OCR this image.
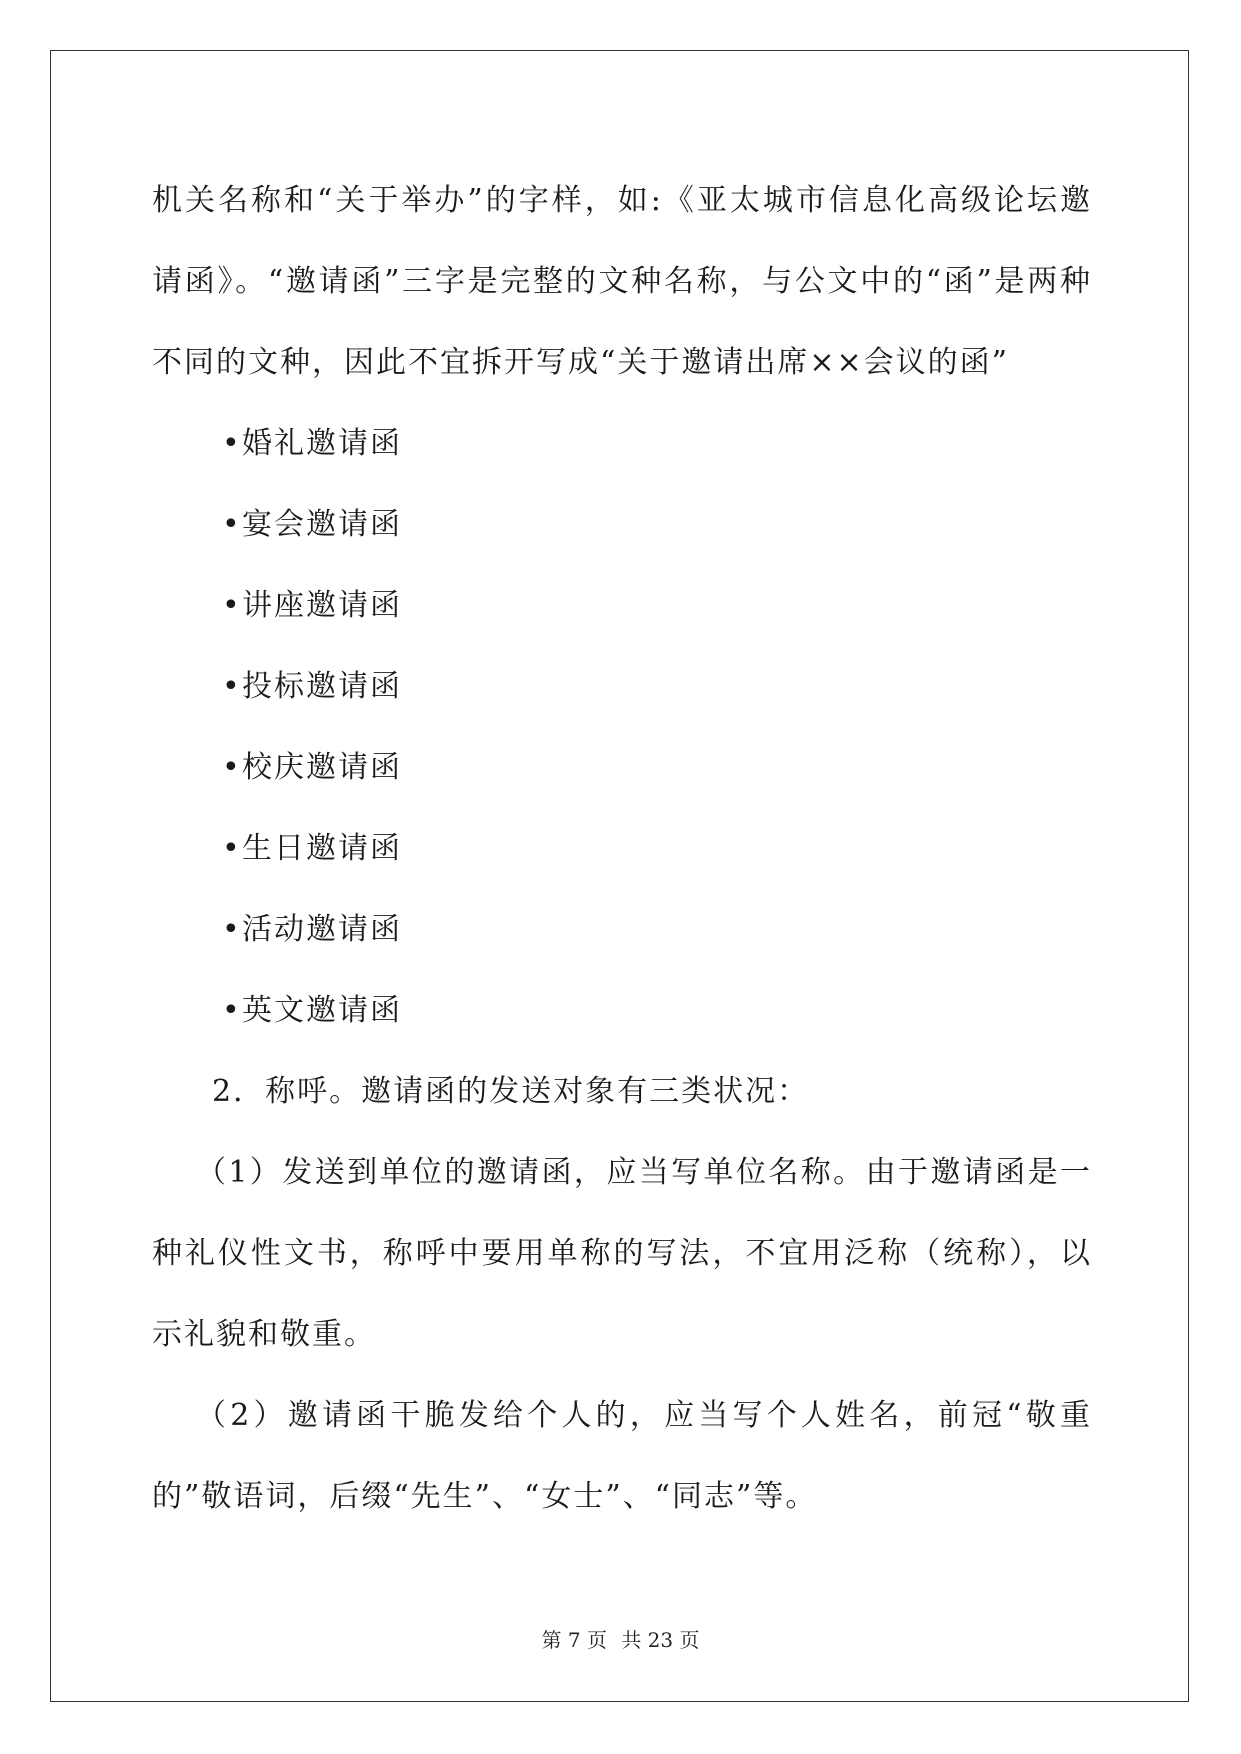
机关名称和“关于举办”的字样，如:《亚太城市信息化高级论坛邀请函》。“邀请函”三字是完整的文种名称，与公文中的“函”是两种不同的文种，因此不宜拆开写成“关于邀请出席××会议的函”

• 婚礼邀请函
• 宴会邀请函
• 讲座邀请函
• 投标邀请函
• 校庆邀请函
• 生日邀请函
• 活动邀请函
• 英文邀请函

2．称呼。邀请函的发送对象有三类状况：

（1）发送到单位的邀请函，应当写单位名称。由于邀请函是一种礼仪性文书，称呼中要用单称的写法，不宜用泛称（统称），以示礼貌和敬重。

（2）邀请函干脆发给个人的，应当写个人姓名，前冠“敬重的”敬语词，后缀“先生”、“女士”、“同志”等。

第 7 页 共 23 页
